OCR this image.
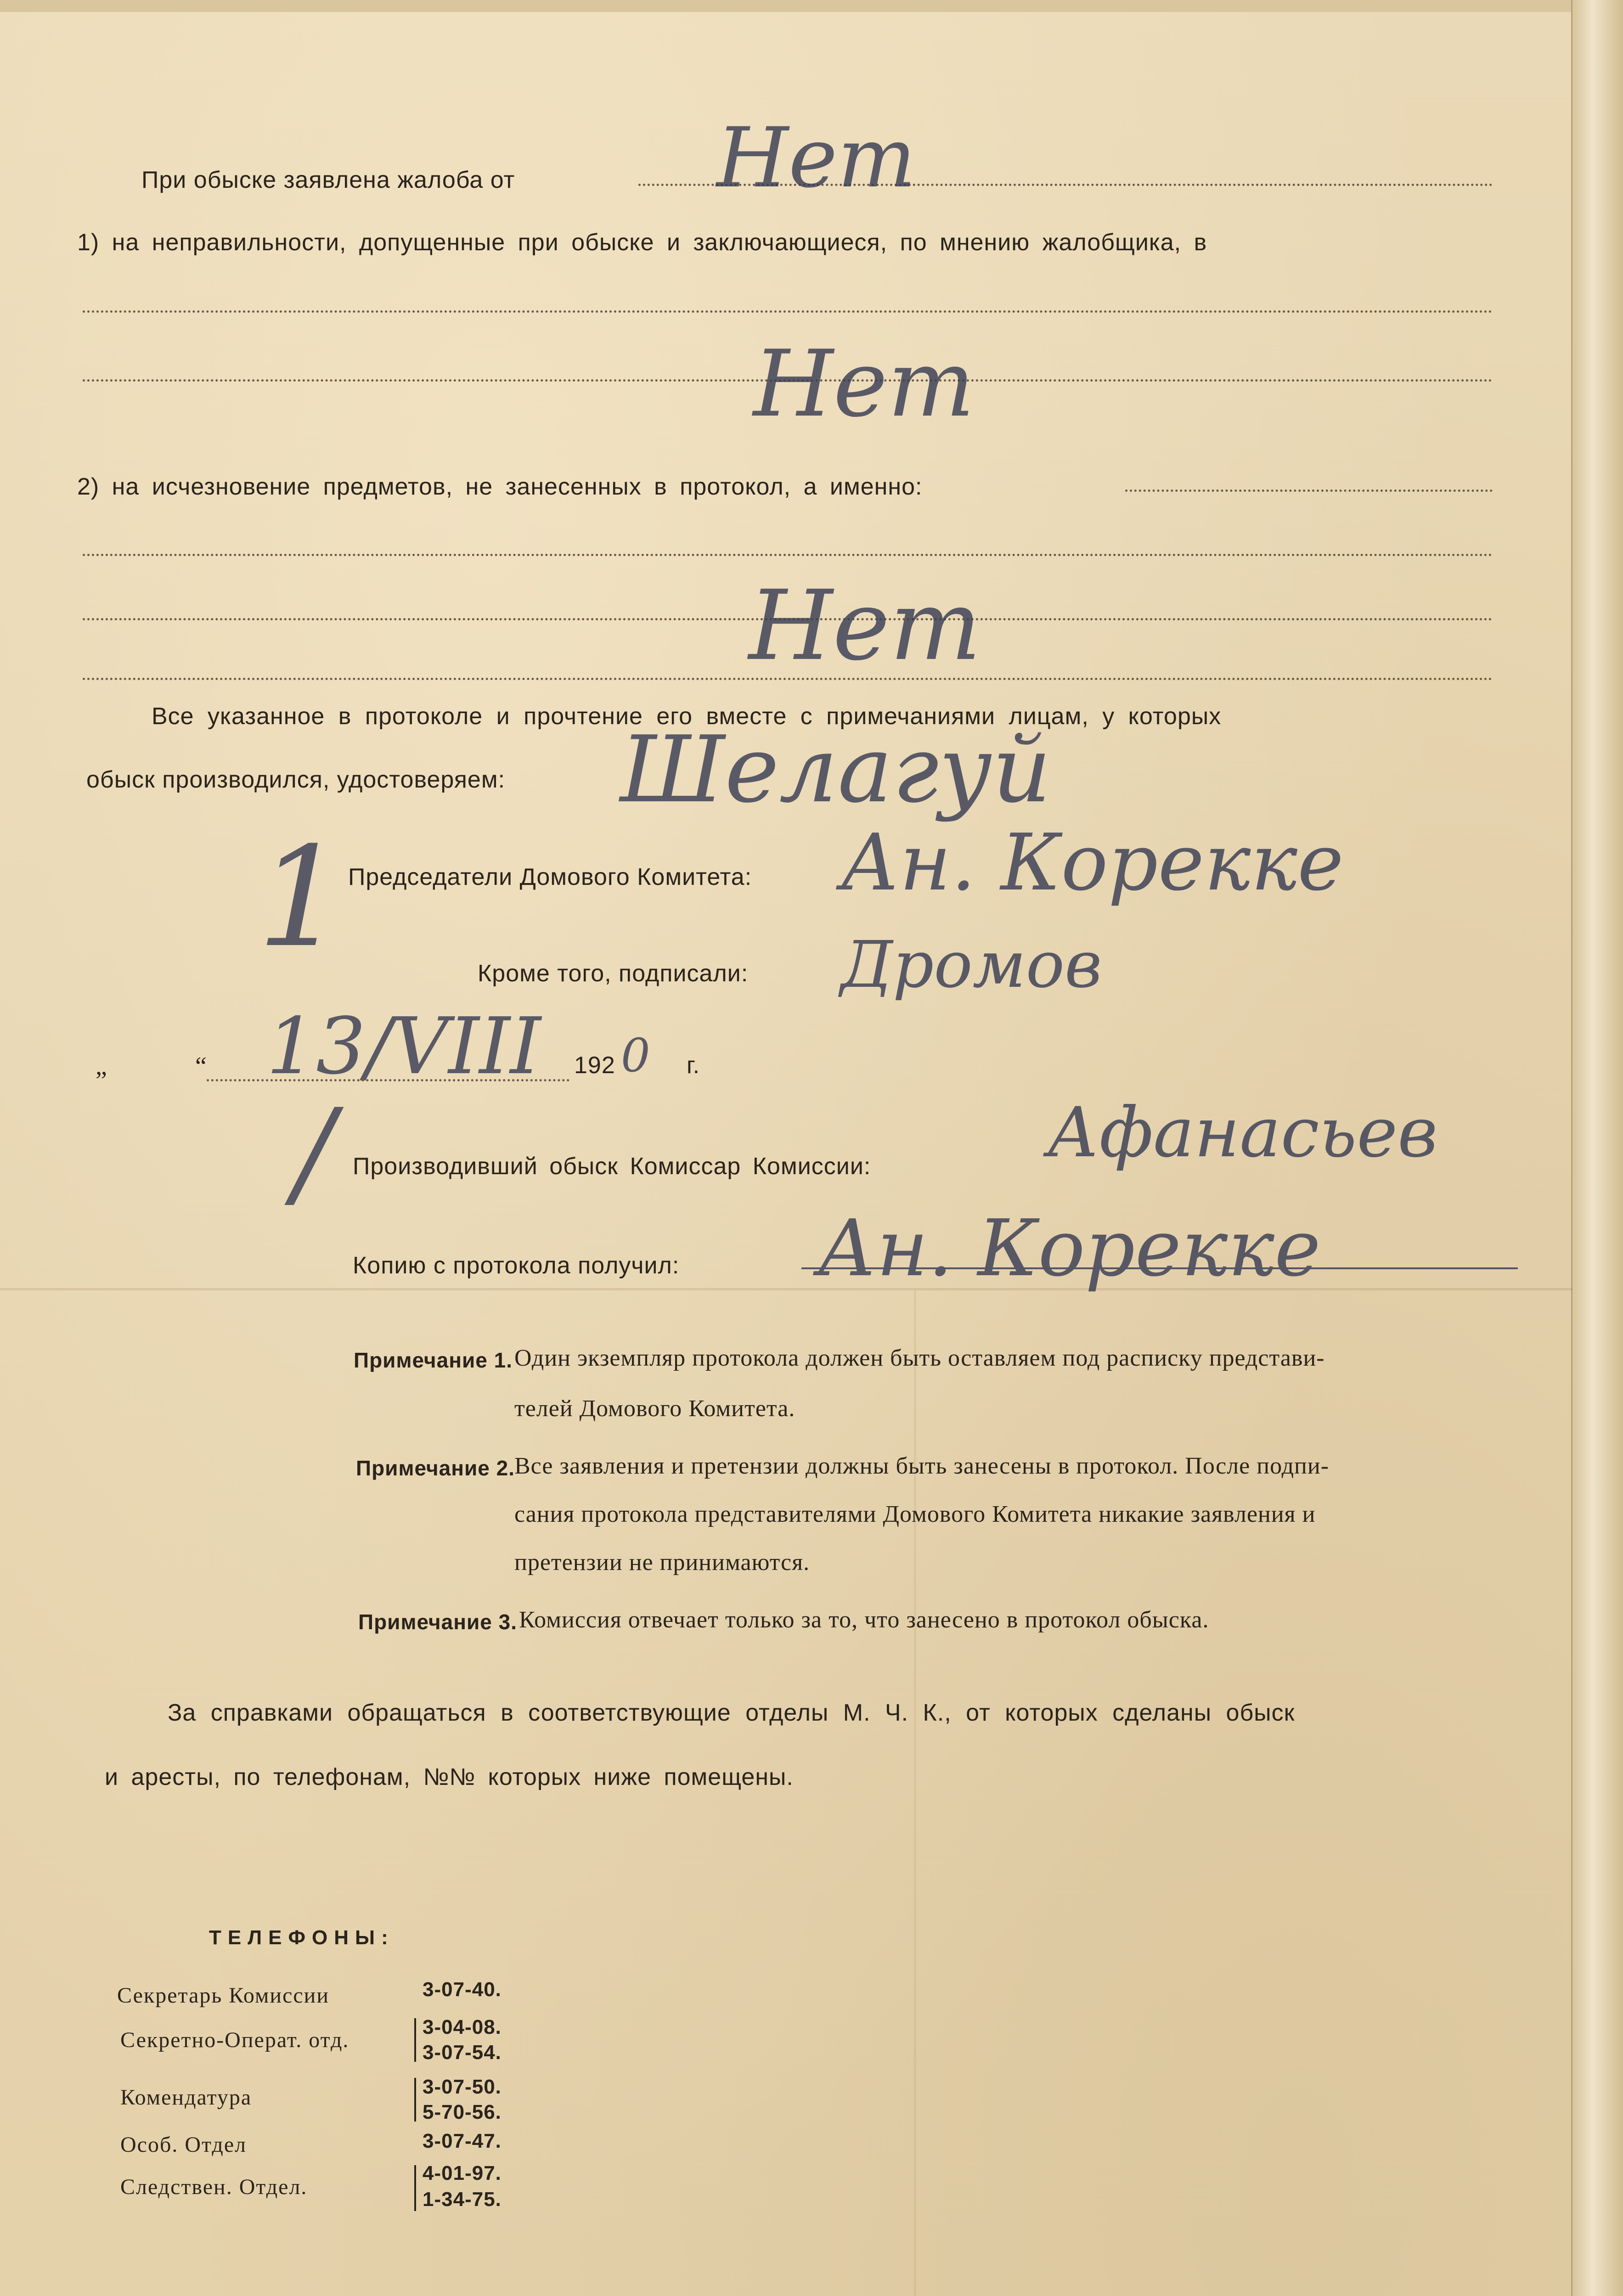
При обыске заявлена жалоба от Нет
1) на неправильности, допущенные при обыске и заключающиеся, по мнению жалобщика, в
Нет
2) на исчезновение предметов, не занесенных в протокол, а именно:
Нет
Все указанное в протоколе и прочтение его вместе с примечаниями лицам, у которых
обыск производился, удостоверяем: Шелагуй
1 Председатели Домового Комитета: Ан. Корекке
Кроме того, подписали: Дромов
„	“ 13/VIII 192 0 г.
/ Производивший обыск Комиссар Комиссии:	Афанасьев
Копию с протокола получил: Ан. Корекке
Примечание 1. Один экземпляр протокола должен быть оставляем под расписку представи-
телей Домового Комитета.
Примечание 2. Все заявления и претензии должны быть занесены в протокол. После подпи-
сания протокола представителями Домового Комитета никакие заявления и
претензии не принимаются.
Примечание 3. Комиссия отвечает только за то, что занесено в протокол обыска.
За справками обращаться в соответствующие отделы М. Ч. К., от которых сделаны обыск
и аресты, по телефонам, №№ которых ниже помещены.
ТЕЛЕФОНЫ:
Секретарь Комиссии	3-07-40.
Секретно-Операт. отд.
3-04-08.
3-07-54.
Комендатура	3-07-50.
5-70-56.
Особ. Отдел	3-07-47.
Следствен. Отдел.
4-01-97.
1-34-75.
